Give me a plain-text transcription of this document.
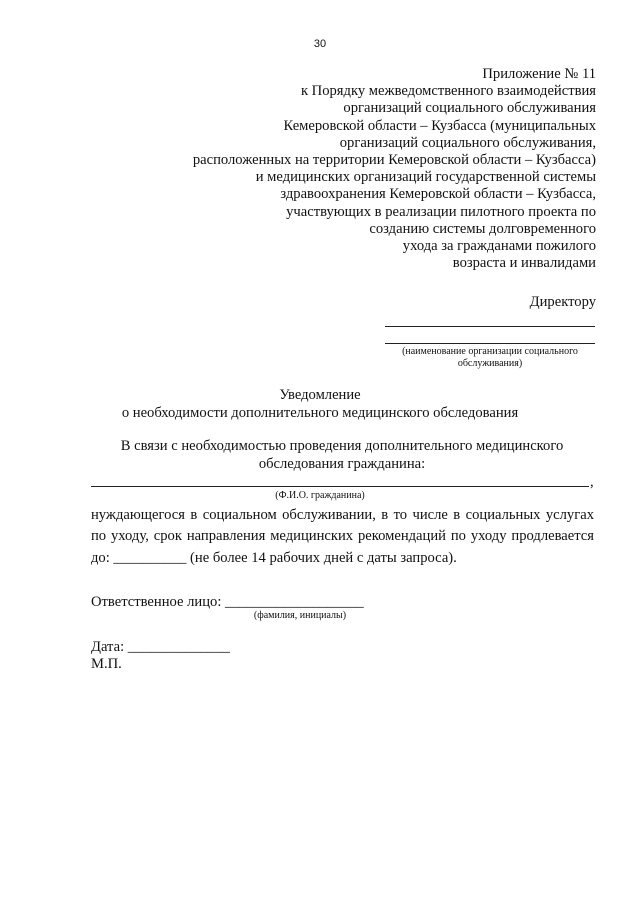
30
Приложение № 11
к Порядку межведомственного взаимодействия
организаций социального обслуживания
Кемеровской области – Кузбасса (муниципальных
организаций социального обслуживания,
расположенных на территории Кемеровской области – Кузбасса)
и медицинских организаций государственной системы
здравоохранения Кемеровской области – Кузбасса,
участвующих в реализации пилотного проекта по
созданию системы долговременного
ухода за гражданами пожилого
возраста и инвалидами
Директору
(наименование организации социального
обслуживания)
Уведомление
о необходимости дополнительного медицинского обследования
В связи с необходимостью проведения дополнительного медицинского обследования гражданина:
,
(Ф.И.О. гражданина)
нуждающегося в социальном обслуживании, в то числе в социальных услугах по уходу, срок направления медицинских рекомендаций по уходу продлевается до: __________ (не более 14 рабочих дней с даты запроса).
Ответственное лицо: ___________________
(фамилия, инициалы)
Дата: ______________
М.П.
